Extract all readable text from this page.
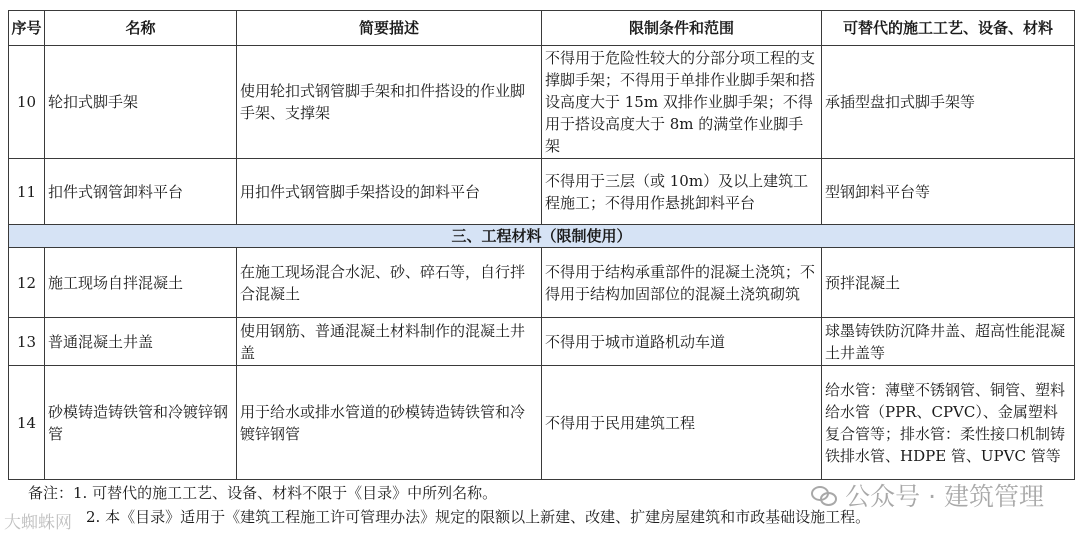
序号	名称	简要描述	限制条件和范围	可替代的施工工艺、设备、材料
10	轮扣式脚手架	使用轮扣式钢管脚手架和扣件搭设的作业脚手架、支撑架	不得用于危险性较大的分部分项工程的支撑脚手架；不得用于单排作业脚手架和搭设高度大于 15m 双排作业脚手架；不得用于搭设高度大于 8m 的满堂作业脚手架	承插型盘扣式脚手架等
11	扣件式钢管卸料平台	用扣件式钢管脚手架搭设的卸料平台	不得用于三层（或 10m）及以上建筑工程施工；不得用作悬挑卸料平台	型钢卸料平台等
三、工程材料（限制使用）				
12	施工现场自拌混凝土	在施工现场混合水泥、砂、碎石等，自行拌合混凝土	不得用于结构承重部件的混凝土浇筑；不得用于结构加固部位的混凝土浇筑砌筑	预拌混凝土
13	普通混凝土井盖	使用钢筋、普通混凝土材料制作的混凝土井盖	不得用于城市道路机动车道	球墨铸铁防沉降井盖、超高性能混凝土井盖等
14	砂模铸造铸铁管和冷镀锌钢管	用于给水或排水管道的砂模铸造铸铁管和冷镀锌钢管	不得用于民用建筑工程	给水管：薄壁不锈钢管、铜管、塑料给水管（PPR、CPVC）、金属塑料复合管等；排水管：柔性接口机制铸铁排水管、HDPE 管、UPVC 管等
备注：1. 可替代的施工工艺、设备、材料不限于《目录》中所列名称。
2. 本《目录》适用于《建筑工程施工许可管理办法》规定的限额以上新建、改建、扩建房屋建筑和市政基础设施工程。
公众号 · 建筑管理
大蜘蛛网
